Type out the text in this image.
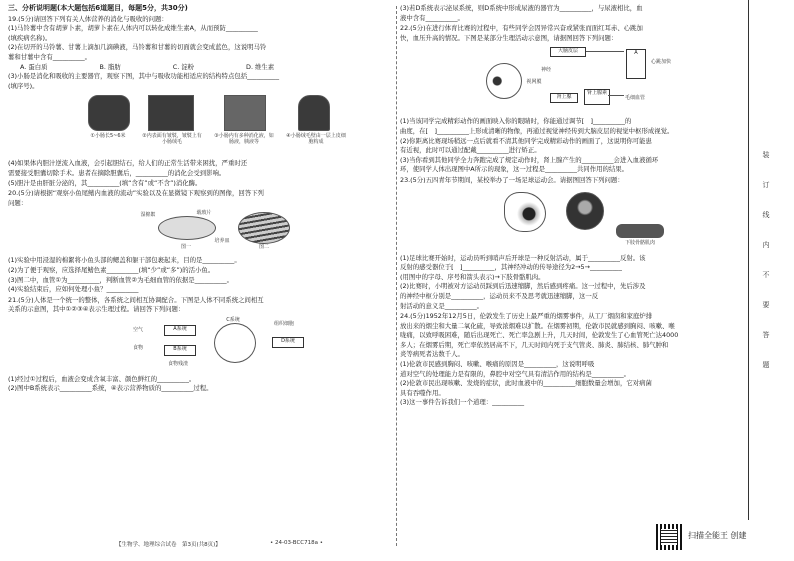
三、分析说明题(本大题包括6道题目，每题5分，共30分)
19.(5分)请回答下列有关人体营养的消化与吸收的问题：
(1)马铃薯中含有胡萝卜素，胡萝卜素在人体内可以转化成维生素A，从而预防__________
(填疾病名称)。
(2)在切开的马铃薯、甘薯上滴加几滴碘液，马铃薯和甘薯的切面就会变成蓝色，这说明马铃
薯和甘薯中含有__________。
A. 蛋白质	B. 脂肪	C. 淀粉	D. 维生素
(3)小肠是消化和吸收的主要器官，观察下图，其中与吸收功能相适应的结构特点包括__________
(填序号)。
①小肠长5~6米	②内表面有皱襞，皱襞上有小肠绒毛
③小肠内有多种消化液，如肠液，胰液等
④小肠绒毛壁由一层上皮细胞构成
(4)如果体内胆汁逆流入血液，会引起胆结石，给人们的正常生活带来困扰，严重时还
需要接受胆囊切除手术。患者在摘除胆囊后，__________的消化会受到影响。
(5)胆汁是由肝脏分泌的，其__________(填“含有”或“不含”)消化酶。
20.(5分)请根据“观察小鱼尾鳍内血液的流动”实验以及在显微镜下观察到的图像，回答下列
问题：
湿棉絮	载玻片
培养皿
图一	图二
(1)实验中用浸湿的棉絮将小鱼头部的鳃盖和躯干部包裹起来，目的是__________。
(2)为了便于观察，应选择尾鳍色素__________(填“少”或“多”)的活小鱼。
(3)图二中，血管①为__________，判断血管②为毛细血管的依据是__________。
(4)实验结束后，应如何处理小鱼？__________
21.(5分)人体是一个统一的整体，各系统之间相互协调配合。下图是人体不同系统之间相互
关系的示意图，其中①②③④表示生理过程。请回答下列问题：
空气
食物
A系统
B系统
C系统
D系统
组织细胞
食物残渣
(1)经过①过程后，血液会变成含氧丰富、颜色鲜红的__________。
(2)图中B系统表示__________系统，④表示营养物质的__________过程。
【生物学、地理综合试卷　第3页(共8页)】	• 24-03-BCC718a •
(3)若D系统表示泌尿系统，则D系统中形成尿液的器官为__________，与尿液相比，血
液中含有__________。
22.(5分)在进行体育比赛的过程中，有些同学会因异常兴奋或紧张而面红耳赤、心跳加
快，血压升高的情况。下图是某部分生理活动示意图，请据图回答下列问题：
大脑皮层
神经
视网膜
肾上腺
肾上腺素
A
心跳加快
毛细血管
(1)当该同学完成精彩动作的画面映入你的眼睛时，你能通过调节[　]__________的
曲度，在[　]__________上形成清晰的物像，再通过视觉神经传到大脑皮层的视觉中枢形成视觉。
(2)你距离比赛现场稍远一点后就看不清其他同学完成精彩动作的画面了，这说明你可能患
有近视，此时可以通过配戴__________进行矫正。
(3)当你看到其他同学全力奔跑完成了规定动作时，肾上腺产生的__________会进入血液循环
环，使同学人体出现图中A所示的现象，这一过程是__________共同作用的结果。
23.(5分)五四青年节期间，某校举办了一场足球运动会。请据图回答下列问题：
下肢骨骼肌肉
(1)足球比赛开始时，运动员听到哨声后开球是一种反射活动，属于__________反射。该
反射的感受器位于[　]__________，其神经冲动的传导途径为2→5→__________
(用图中的字母、序号和箭头表示)→下肢骨骼肌肉。
(2)比赛时，小明被对方运动员踩到后迅速缩脚，然后感到疼痛。这一过程中，先后涉及
的神经中枢分别是__________，运动员来不及思考就迅速缩脚，这一反
射活动的意义是__________。
24.(5分)1952年12月5日，伦敦发生了历史上最严重的烟雾事件，从工厂烟囱和家庭炉排
放出来的烟尘和大量二氧化硫，导致浓烟难以扩散。在烟雾初期，伦敦市民就感到胸闷、咳嗽、喉
咙痛，以致呼吸困难，随后出现死亡、死亡率急剧上升，几天时间，伦敦发生了心血管死亡达4000
多人；在烟雾后期，死亡率依然居高不下，几天时间内死于支气管炎、肺炎、肺结核、肺气肿和
炎等病死者达数千人。
(1)伦敦市民感到胸闷、咳嗽、喉痛的原因是__________，这说明呼吸
道对空气的处理能力是有限的，鼻腔中对空气具有清洁作用的结构是__________。
(2)伦敦市民出现咳嗽、发烧的症状，此时血液中的__________细胞数量会增加，它对病菌
具有吞噬作用。
(3)这一事件告诉我们一个道理：__________
装
订
线
内
不
要
答
题
扫描全能王 创建
